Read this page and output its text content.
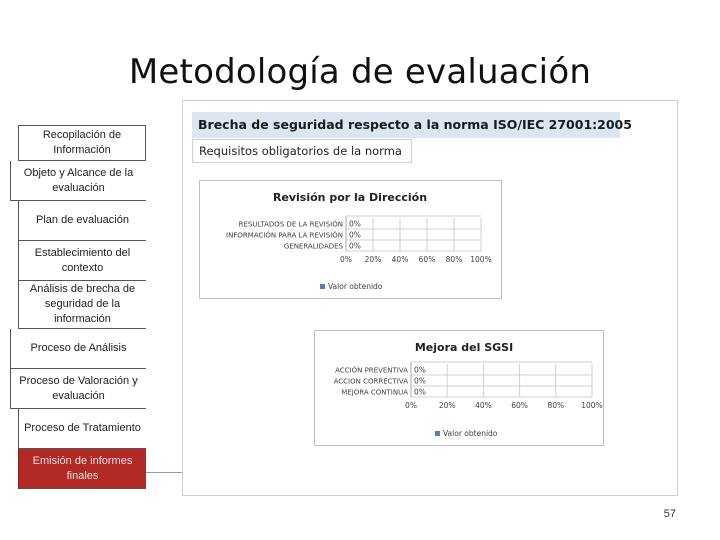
Metodología de evaluación
Recopilación de Información
Objeto y Alcance de la evaluación
Plan de evaluación
Establecimiento del contexto
Análisis de brecha de seguridad de la información
Proceso de Análisis
Proceso de Valoración y evaluación
Proceso de Tratamiento
Emisión de informes finales
Brecha de seguridad respecto a la norma ISO/IEC 27001:2005
Requisitos obligatorios de la norma
Revisión por la Dirección
0% 20% 40% 60% 80% 100%
RESULTADOS DE LA REVISIÓN 0%
INFORMACIÓN PARA LA REVISIÓN 0%
GENERALIDADES 0%
Valor obtenido
Mejora del SGSI
0%	20%	40%	60%	80% 100%
ACCIÓN PREVENTIVA 0%
ACCION CORRECTIVA 0%
MEJORA CONTINUA 0%
Valor obtenido
57
